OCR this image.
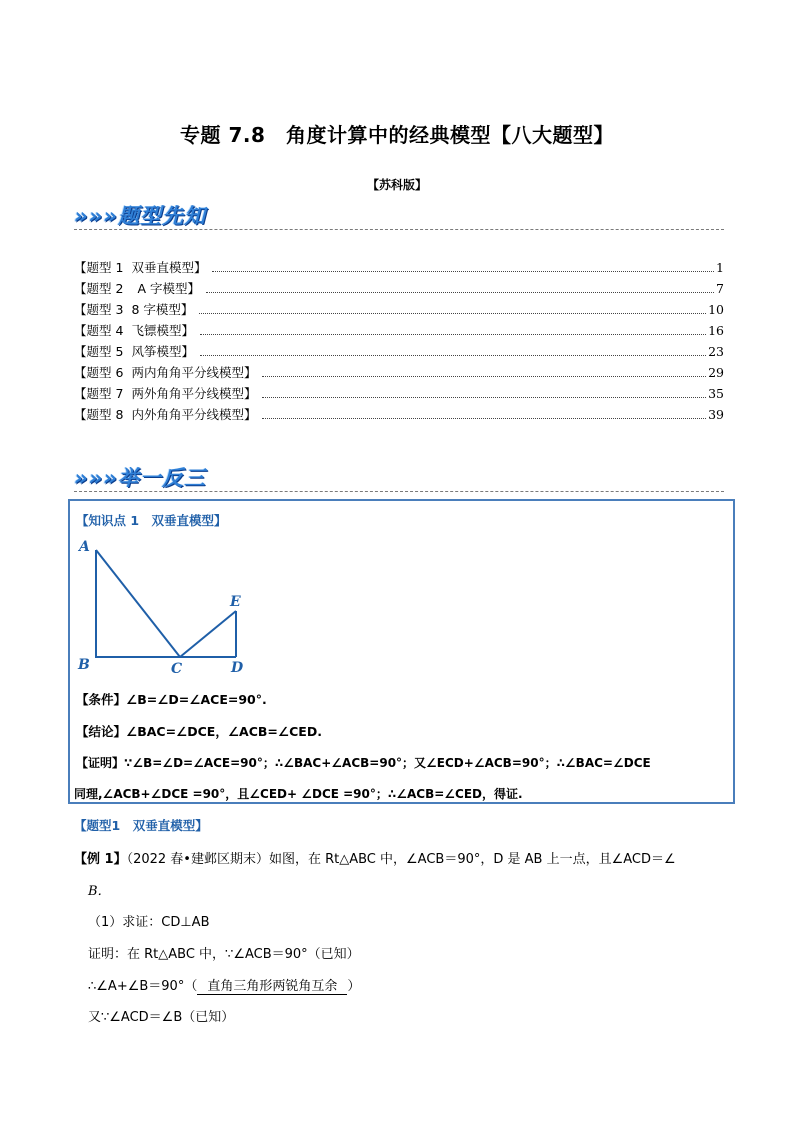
专题 7.8　角度计算中的经典模型【八大题型】
【苏科版】
»»»题型先知
【题型 1 双垂直模型】	1
【题型 2 A 字模型】	7
【题型 3 8 字模型】	10
【题型 4 飞镖模型】	16
【题型 5 风筝模型】	23
【题型 6 两内角角平分线模型】	29
【题型 7 两外角角平分线模型】	35
【题型 8 内外角角平分线模型】	39
»»»举一反三
【知识点 1　双垂直模型】
A
B	C	D
E
【条件】∠B=∠D=∠ACE=90°.
【结论】∠BAC=∠DCE，∠ACB=∠CED.
【证明】∵∠B=∠D=∠ACE=90°；∴∠BAC+∠ACB=90°；又∠ECD+∠ACB=90°；∴∠BAC=∠DCE
同理,∠ACB+∠DCE =90°，且∠CED+ ∠DCE =90°；∴∠ACB=∠CED，得证.
【题型1　双垂直模型】
【例 1】（2022 春•建邺区期末）如图，在 Rt△ABC 中，∠ACB＝90°，D 是 AB 上一点，且∠ACD＝∠
B．
（1）求证：CD⊥AB
证明：在 Rt△ABC 中，∵∠ACB＝90°（已知）
∴∠A+∠B＝90°（ 直角三角形两锐角互余 ）
又∵∠ACD＝∠B（已知）
